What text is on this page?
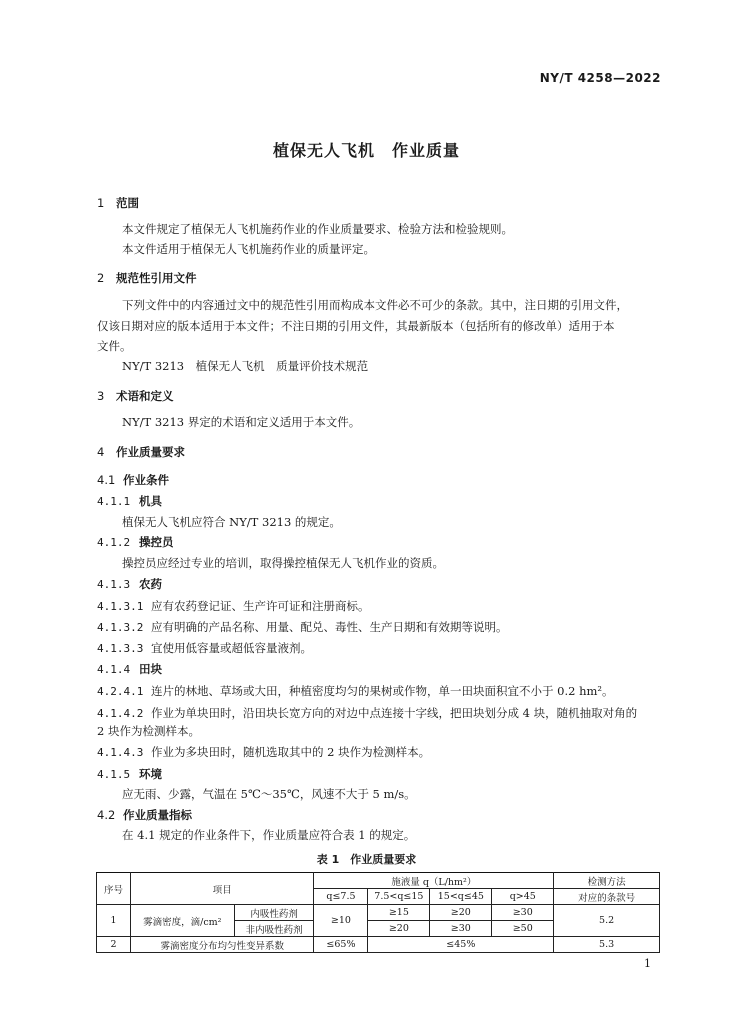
NY/T 4258—2022
植保无人飞机　作业质量
1 范围
本文件规定了植保无人飞机施药作业的作业质量要求、检验方法和检验规则。
本文件适用于植保无人飞机施药作业的质量评定。
2 规范性引用文件
下列文件中的内容通过文中的规范性引用而构成本文件必不可少的条款。其中，注日期的引用文件，
仅该日期对应的版本适用于本文件；不注日期的引用文件，其最新版本（包括所有的修改单）适用于本
文件。
NY/T 3213　植保无人飞机　质量评价技术规范
3 术语和定义
NY/T 3213 界定的术语和定义适用于本文件。
4 作业质量要求
4.1 作业条件
4.1.1 机具
植保无人飞机应符合 NY/T 3213 的规定。
4.1.2 操控员
操控员应经过专业的培训，取得操控植保无人飞机作业的资质。
4.1.3 农药
4.1.3.1 应有农药登记证、生产许可证和注册商标。
4.1.3.2 应有明确的产品名称、用量、配兑、毒性、生产日期和有效期等说明。
4.1.3.3 宜使用低容量或超低容量液剂。
4.1.4 田块
4.2.4.1 连片的林地、草场或大田，种植密度均匀的果树或作物，单一田块面积宜不小于 0.2 hm²。
4.1.4.2 作业为单块田时，沿田块长宽方向的对边中点连接十字线，把田块划分成 4 块，随机抽取对角的
2 块作为检测样本。
4.1.4.3 作业为多块田时，随机选取其中的 2 块作为检测样本。
4.1.5 环境
应无雨、少露，气温在 5℃～35℃，风速不大于 5 m/s。
4.2 作业质量指标
在 4.1 规定的作业条件下，作业质量应符合表 1 的规定。
表 1　作业质量要求
序号	项目		施液量 q（L/hm²）				检测方法
			q≤7.5	7.5<q≤15	15<q≤45	q>45	对应的条款号
1	雾滴密度，滴/cm²	内吸性药剂	≥10	≥15	≥20	≥30	5.2
		非内吸性药剂		≥20	≥30	≥50	
2	雾滴密度分布均匀性变异系数		≤65%	≤45%			5.3
1
